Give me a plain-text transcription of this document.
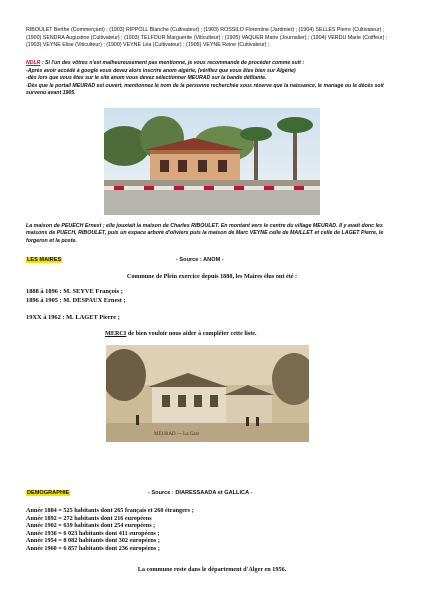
RIBOULET Berthe (Commerçant) ; (1903) RIPPOLL Blanche (Cultivateur) ; (1903) ROSSILO Florentine (Jardinier) ; (1904) SELLES Pierre (Cultivateur) ; (1900) SENDRA Augustine (Cultivateur) ; (1903) TELFOUR Marguerite (Viticulteur) ; (1905) VAQUER Marie (Journalier) ; (1904) VERDU Marie (Coiffeur) ; (1903) VEYNE Elise (Viticulteur) ; (1900) VEYNE Léa (Cultivateur) ; (1905) VEYNE Reine (Cultivateur) ;
NDLR : Si l'un des vôtres n'est malheureusement pas mentionné, je vous recommande de procéder comme suit :
-Après avoir accédé à google vous devez alors inscrire anom algérie, (vérifiez que vous êtes bien sur Algérie)
-dès lors que vous êtes sur le site anom vous devez sélectionner MEURAD sur la bande défilante.
-Dès que le portail MEURAD est ouvert, mentionnez le nom de la personne recherchée sous réserve que la naissance, le mariage ou le décès soit survenu avant 1905.
La maison de PEUECH Ernest ; elle jouxtait la maison de Charles RIBOULET. En montant vers le centre du village MEURAD. Il y avait donc les maisons de PUECH, RIBOULET, puis un espace arboré d'oliviers puis la maison de Marc VEYNE celle de MAILLET et celle de LAGET Pierre, le forgeron et la poste.
LES MAIRES	- Source : ANOM -
Commune de Plein exercice depuis 1888, les Maires élus ont été :
1888 à 1896 : M. SEYVE François ;
1896 à 1905 : M. DESPAUX Ernest ;
19XX à 1962 : M. LAGET Pierre ;
MERCI de bien vouloir nous aider à compléter cette liste.
MEURAD — La Gare
DEMOGRAPHIE	- Source : DIARESSAADA et GALLICA -
Année 1884 = 525 habitants dont 265 français et 260 étrangers ;
Année 1892 = 272 habitants dont 216 européens
Année 1902 = 639 habitants dont 254 européens ;
Année 1936 = 6 023 habitants dont 411 européens ;
Année 1954 = 8 082 habitants dont 302 européens ;
Année 1960 = 6 857 habitants dont 236 européens ;
La commune reste dans le département d'Alger en 1956.
